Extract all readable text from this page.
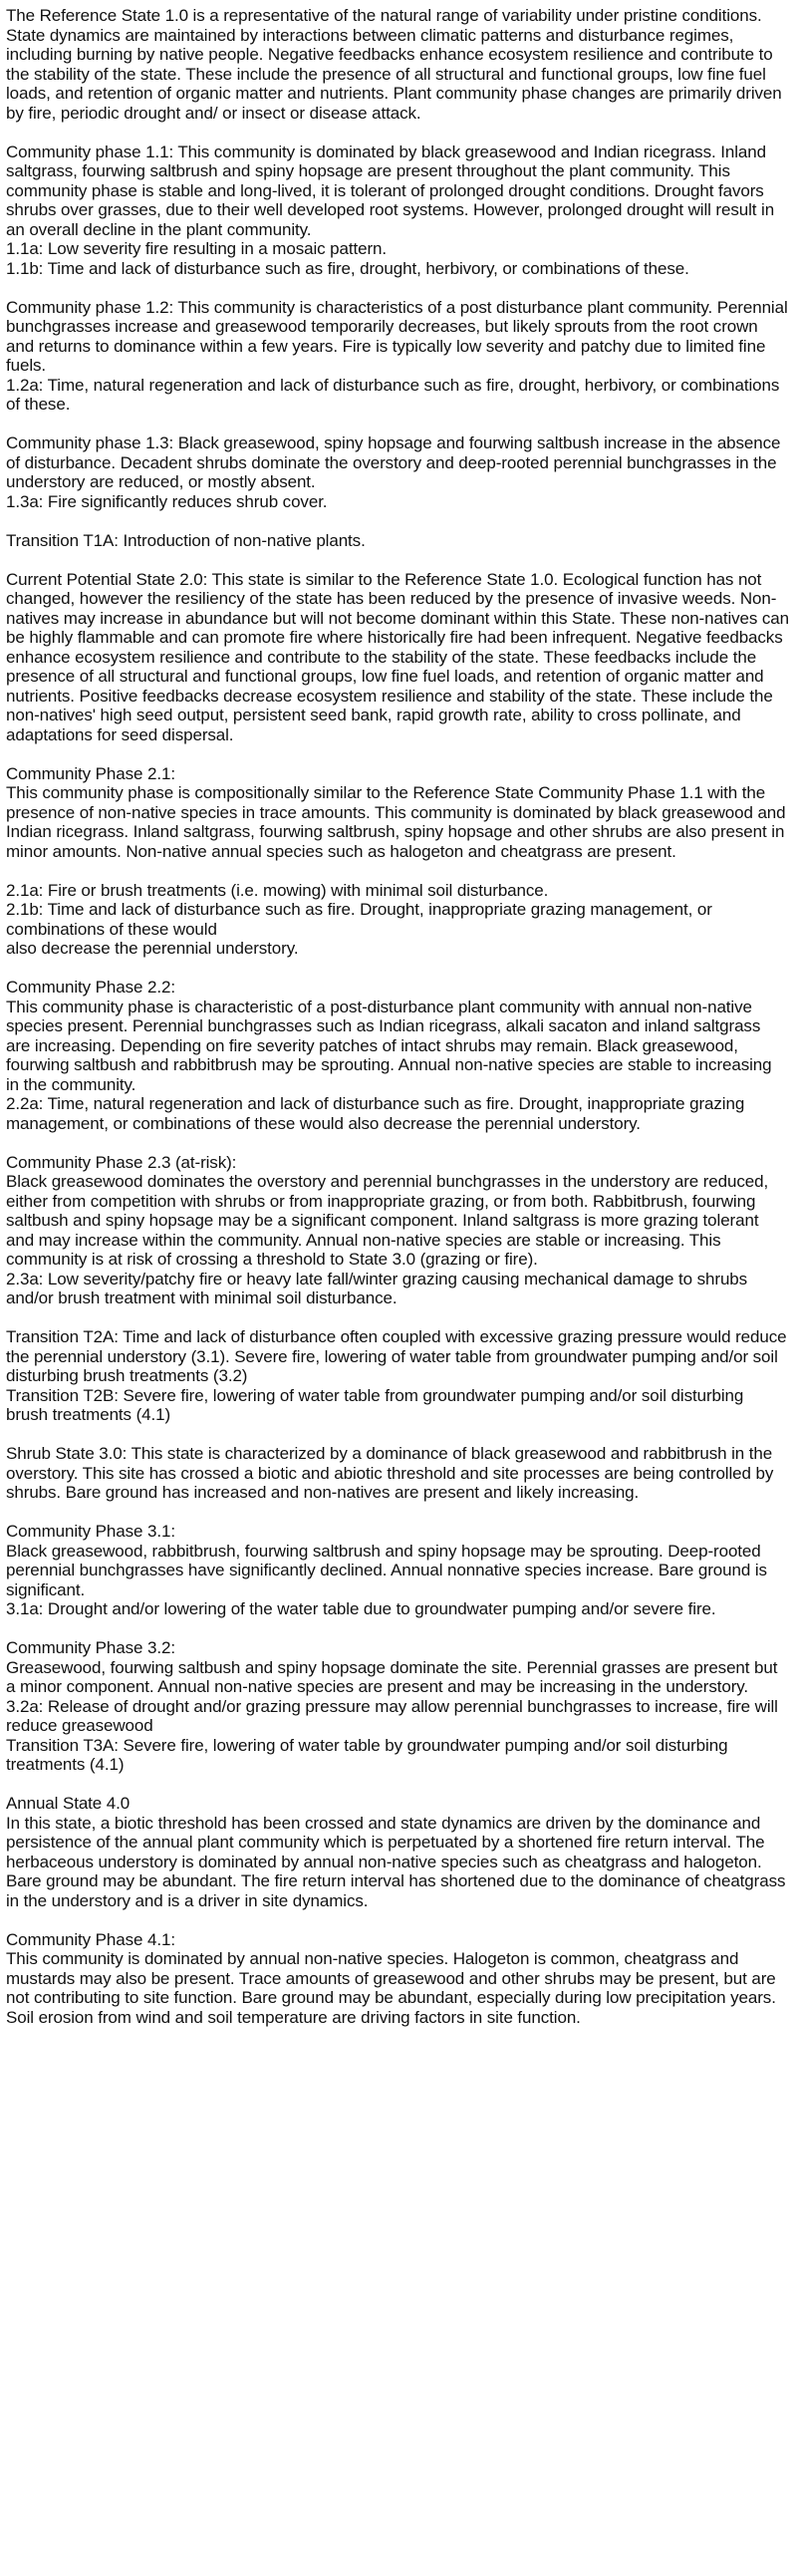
The Reference State 1.0 is a representative of the natural range of variability under pristine conditions. State dynamics are maintained by interactions between climatic patterns and disturbance regimes, including burning by native people. Negative feedbacks enhance ecosystem resilience and contribute to the stability of the state. These include the presence of all structural and functional groups, low fine fuel loads, and retention of organic matter and nutrients. Plant community phase changes are primarily driven by fire, periodic drought and/ or insect or disease attack.

Community phase 1.1: This community is dominated by black greasewood and Indian ricegrass. Inland saltgrass, fourwing saltbrush and spiny hopsage are present throughout the plant community. This community phase is stable and long-lived, it is tolerant of prolonged drought conditions. Drought favors shrubs over grasses, due to their well developed root systems. However, prolonged drought will result in an overall decline in the plant community.
1.1a: Low severity fire resulting in a mosaic pattern.
1.1b: Time and lack of disturbance such as fire, drought, herbivory, or combinations of these.

Community phase 1.2: This community is characteristics of a post disturbance plant community. Perennial bunchgrasses increase and greasewood temporarily decreases, but likely sprouts from the root crown and returns to dominance within a few years. Fire is typically low severity and patchy due to limited fine fuels.
1.2a: Time, natural regeneration and lack of disturbance such as fire, drought, herbivory, or combinations of these.

Community phase 1.3: Black greasewood, spiny hopsage and fourwing saltbush increase in the absence of disturbance. Decadent shrubs dominate the overstory and deep-rooted perennial bunchgrasses in the understory are reduced, or mostly absent.
1.3a: Fire significantly reduces shrub cover.

Transition T1A: Introduction of non-native plants.

Current Potential State 2.0: This state is similar to the Reference State 1.0. Ecological function has not changed, however the resiliency of the state has been reduced by the presence of invasive weeds. Non-natives may increase in abundance but will not become dominant within this State. These non-natives can be highly flammable and can promote fire where historically fire had been infrequent. Negative feedbacks enhance ecosystem resilience and contribute to the stability of the state. These feedbacks include the presence of all structural and functional groups, low fine fuel loads, and retention of organic matter and nutrients. Positive feedbacks decrease ecosystem resilience and stability of the state. These include the non-natives' high seed output, persistent seed bank, rapid growth rate, ability to cross pollinate, and adaptations for seed dispersal.

Community Phase 2.1:
This community phase is compositionally similar to the Reference State Community Phase 1.1 with the presence of non-native species in trace amounts. This community is dominated by black greasewood and Indian ricegrass. Inland saltgrass, fourwing saltbrush, spiny hopsage and other shrubs are also present in minor amounts. Non-native annual species such as halogeton and cheatgrass are present.

2.1a: Fire or brush treatments (i.e. mowing) with minimal soil disturbance.
2.1b: Time and lack of disturbance such as fire. Drought, inappropriate grazing management, or combinations of these would
also decrease the perennial understory.

Community Phase 2.2:
This community phase is characteristic of a post-disturbance plant community with annual non-native species present. Perennial bunchgrasses such as Indian ricegrass, alkali sacaton and inland saltgrass are increasing. Depending on fire severity patches of intact shrubs may remain. Black greasewood, fourwing saltbush and rabbitbrush may be sprouting. Annual non-native species are stable to increasing in the community.
2.2a: Time, natural regeneration and lack of disturbance such as fire. Drought, inappropriate grazing management, or combinations of these would also decrease the perennial understory.

Community Phase 2.3 (at-risk):
Black greasewood dominates the overstory and perennial bunchgrasses in the understory are reduced, either from competition with shrubs or from inappropriate grazing, or from both. Rabbitbrush, fourwing saltbush and spiny hopsage may be a significant component. Inland saltgrass is more grazing tolerant and may increase within the community. Annual non-native species are stable or increasing. This community is at risk of crossing a threshold to State 3.0 (grazing or fire).
2.3a: Low severity/patchy fire or heavy late fall/winter grazing causing mechanical damage to shrubs and/or brush treatment with minimal soil disturbance.

Transition T2A: Time and lack of disturbance often coupled with excessive grazing pressure would reduce the perennial understory (3.1). Severe fire, lowering of water table from groundwater pumping and/or soil disturbing brush treatments (3.2)
Transition T2B: Severe fire, lowering of water table from groundwater pumping and/or soil disturbing brush treatments (4.1)

Shrub State 3.0: This state is characterized by a dominance of black greasewood and rabbitbrush in the overstory. This site has crossed a biotic and abiotic threshold and site processes are being controlled by shrubs. Bare ground has increased and non-natives are present and likely increasing.

Community Phase 3.1:
Black greasewood, rabbitbrush, fourwing saltbrush and spiny hopsage may be sprouting. Deep-rooted perennial bunchgrasses have significantly declined. Annual nonnative species increase. Bare ground is significant.
3.1a: Drought and/or lowering of the water table due to groundwater pumping and/or severe fire.

Community Phase 3.2:
Greasewood, fourwing saltbush and spiny hopsage dominate the site. Perennial grasses are present but a minor component. Annual non-native species are present and may be increasing in the understory.
3.2a: Release of drought and/or grazing pressure may allow perennial bunchgrasses to increase, fire will reduce greasewood
Transition T3A: Severe fire, lowering of water table by groundwater pumping and/or soil disturbing treatments (4.1)

Annual State 4.0
In this state, a biotic threshold has been crossed and state dynamics are driven by the dominance and persistence of the annual plant community which is perpetuated by a shortened fire return interval. The herbaceous understory is dominated by annual non-native species such as cheatgrass and halogeton. Bare ground may be abundant. The fire return interval has shortened due to the dominance of cheatgrass in the understory and is a driver in site dynamics.

Community Phase 4.1:
This community is dominated by annual non-native species. Halogeton is common, cheatgrass and mustards may also be present. Trace amounts of greasewood and other shrubs may be present, but are not contributing to site function. Bare ground may be abundant, especially during low precipitation years. Soil erosion from wind and soil temperature are driving factors in site function.
